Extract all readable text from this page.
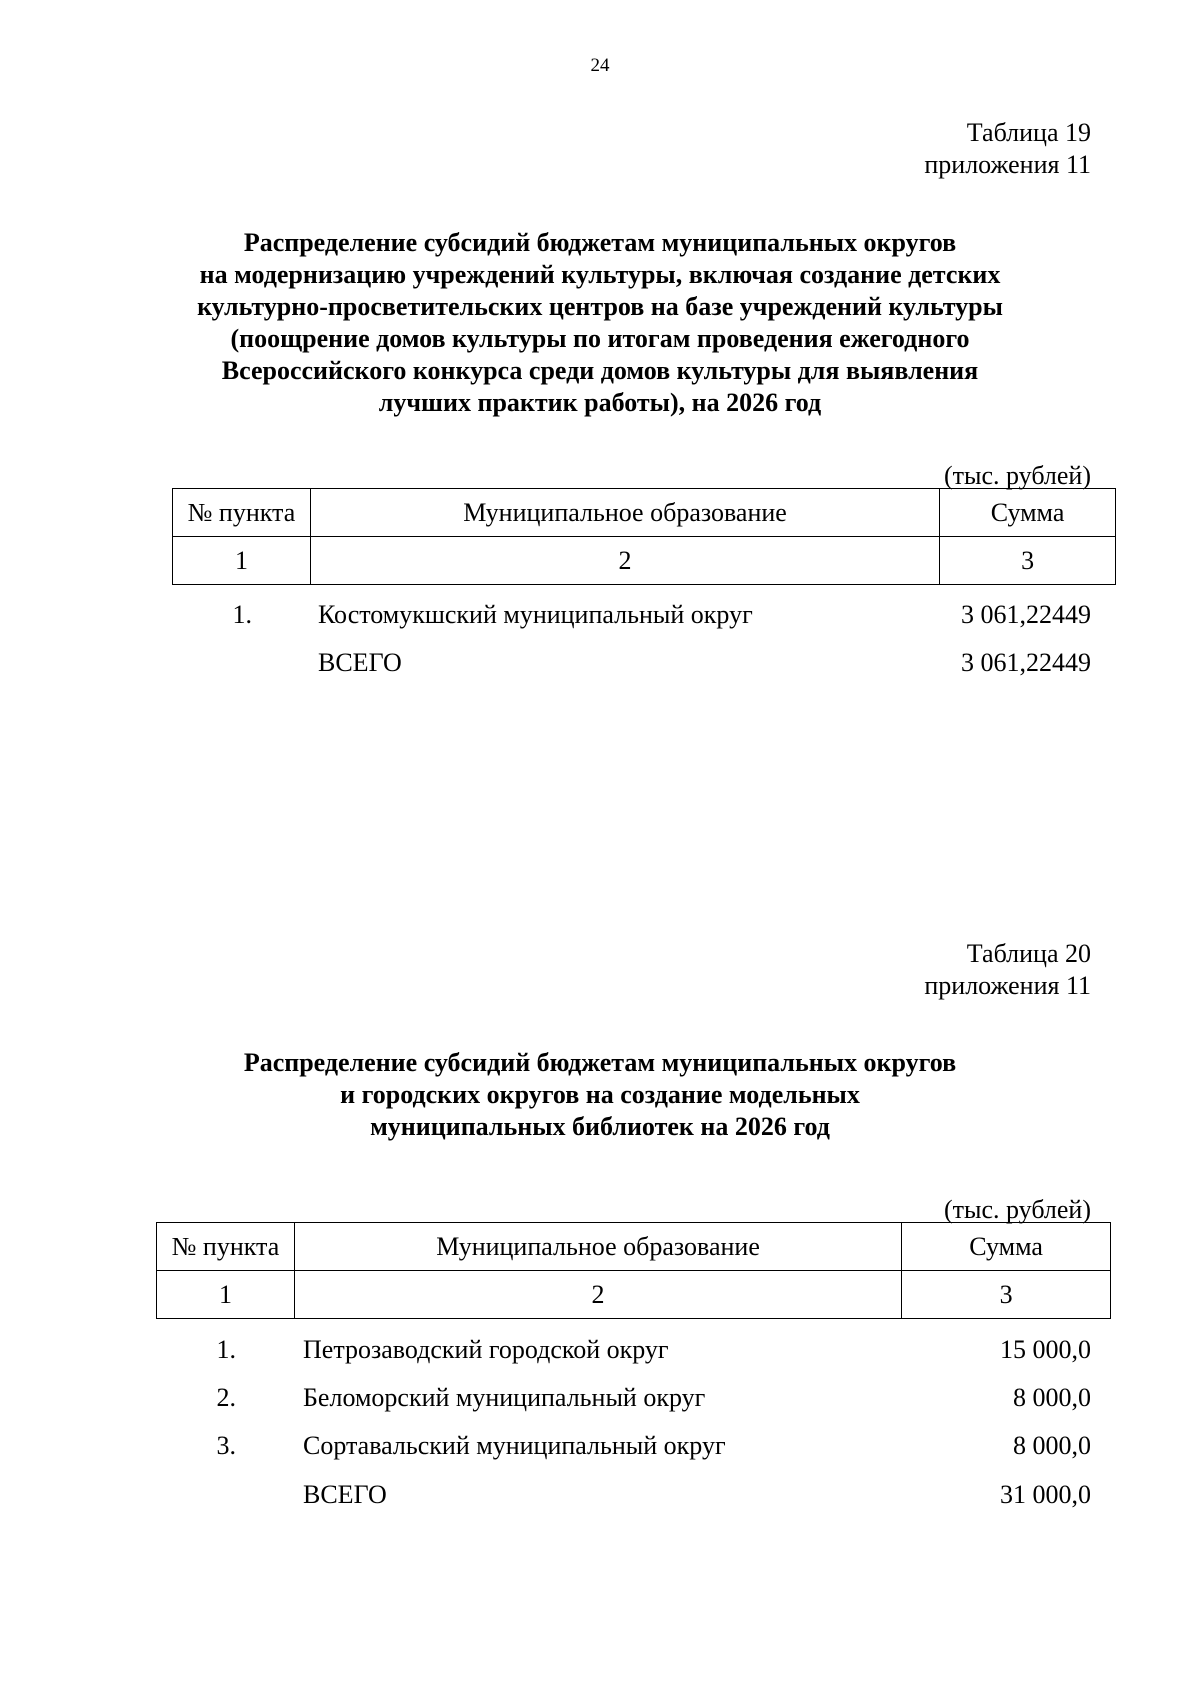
24
Таблица 19
приложения 11
Распределение субсидий бюджетам муниципальных округов
на модернизацию учреждений культуры, включая создание детских
культурно-просветительских центров на базе учреждений культуры
(поощрение домов культуры по итогам проведения ежегодного
Всероссийского конкурса среди домов культуры для выявления
лучших практик работы), на 2026 год
(тыс. рублей)
№ пункта	Муниципальное образование	Сумма
1	2	3
1.	Костомукшский муниципальный округ	3 061,22449
ВСЕГО	3 061,22449
Таблица 20
приложения 11
Распределение субсидий бюджетам муниципальных округов
и городских округов на создание модельных
муниципальных библиотек на 2026 год
(тыс. рублей)
№ пункта	Муниципальное образование	Сумма
1	2	3
1.	Петрозаводский городской округ	15 000,0
2.	Беломорский муниципальный округ	8 000,0
3.	Сортавальский муниципальный округ	8 000,0
ВСЕГО	31 000,0
